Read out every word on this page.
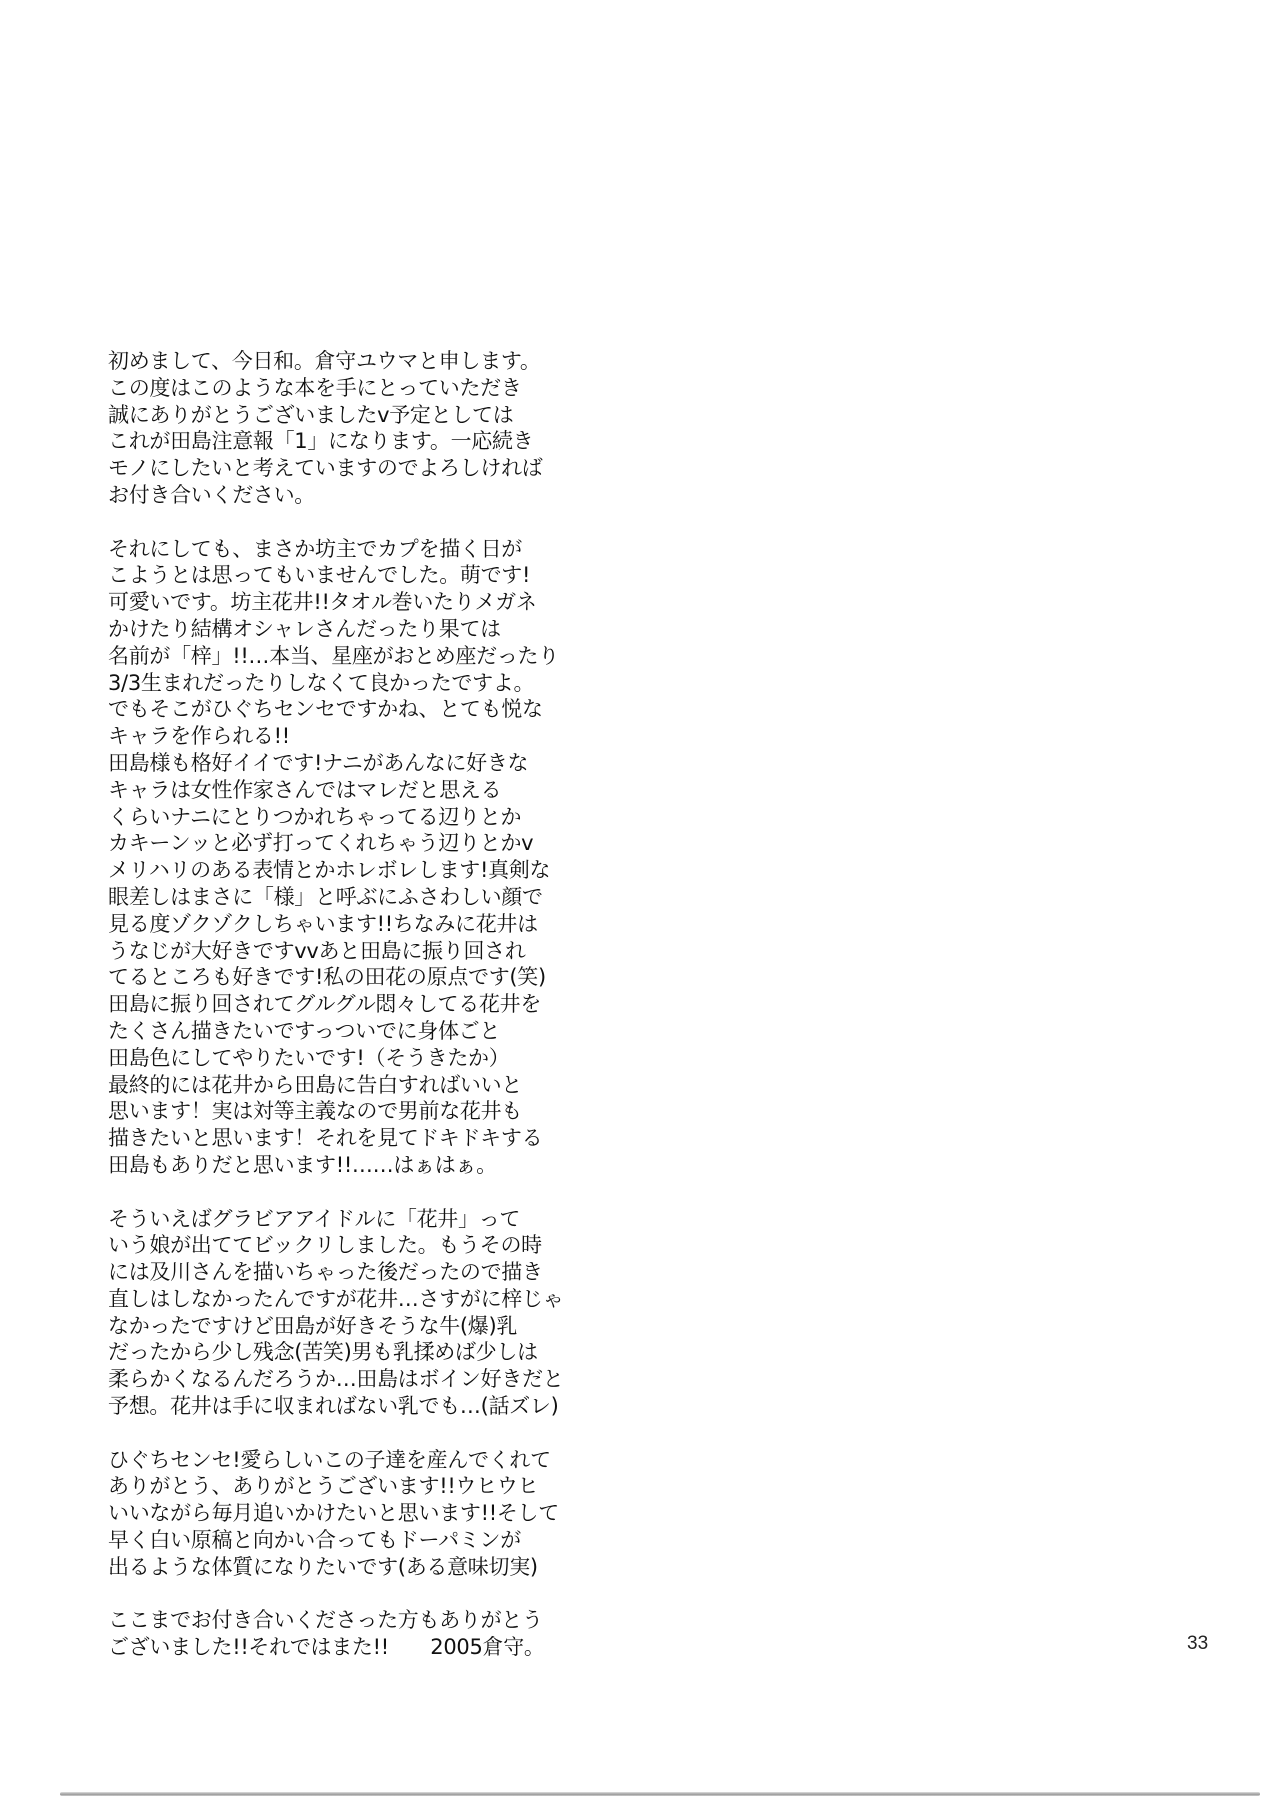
初めまして、今日和。倉守ユウマと申します。
この度はこのような本を手にとっていただき
誠にありがとうございましたv予定としては
これが田島注意報「1」になります。一応続き
モノにしたいと考えていますのでよろしければ
お付き合いください。

それにしても、まさか坊主でカプを描く日が
こようとは思ってもいませんでした。萌です!
可愛いです。坊主花井!!タオル巻いたりメガネ
かけたり結構オシャレさんだったり果ては
名前が「梓」!!…本当、星座がおとめ座だったり
3/3生まれだったりしなくて良かったですよ。
でもそこがひぐちセンセですかね、とても悦な
キャラを作られる!!
田島様も格好イイです!ナニがあんなに好きな
キャラは女性作家さんではマレだと思える
くらいナニにとりつかれちゃってる辺りとか
カキーンッと必ず打ってくれちゃう辺りとかv
メリハリのある表情とかホレボレします!真剣な
眼差しはまさに「様」と呼ぶにふさわしい顔で
見る度ゾクゾクしちゃいます!!ちなみに花井は
うなじが大好きですvvあと田島に振り回され
てるところも好きです!私の田花の原点です(笑)
田島に振り回されてグルグル悶々してる花井を
たくさん描きたいですっついでに身体ごと
田島色にしてやりたいです!（そうきたか）
最終的には花井から田島に告白すればいいと
思います！実は対等主義なので男前な花井も
描きたいと思います！それを見てドキドキする
田島もありだと思います!!……はぁはぁ。

そういえばグラビアアイドルに「花井」って
いう娘が出ててビックリしました。もうその時
には及川さんを描いちゃった後だったので描き
直しはしなかったんですが花井…さすがに梓じゃ
なかったですけど田島が好きそうな牛(爆)乳
だったから少し残念(苦笑)男も乳揉めば少しは
柔らかくなるんだろうか…田島はボイン好きだと
予想。花井は手に収まればない乳でも…(話ズレ)

ひぐちセンセ!愛らしいこの子達を産んでくれて
ありがとう、ありがとうございます!!ウヒウヒ
いいながら毎月追いかけたいと思います!!そして
早く白い原稿と向かい合ってもドーパミンが
出るような体質になりたいです(ある意味切実)

ここまでお付き合いくださった方もありがとう
ございました!!それではまた!!　　2005倉守。	33
